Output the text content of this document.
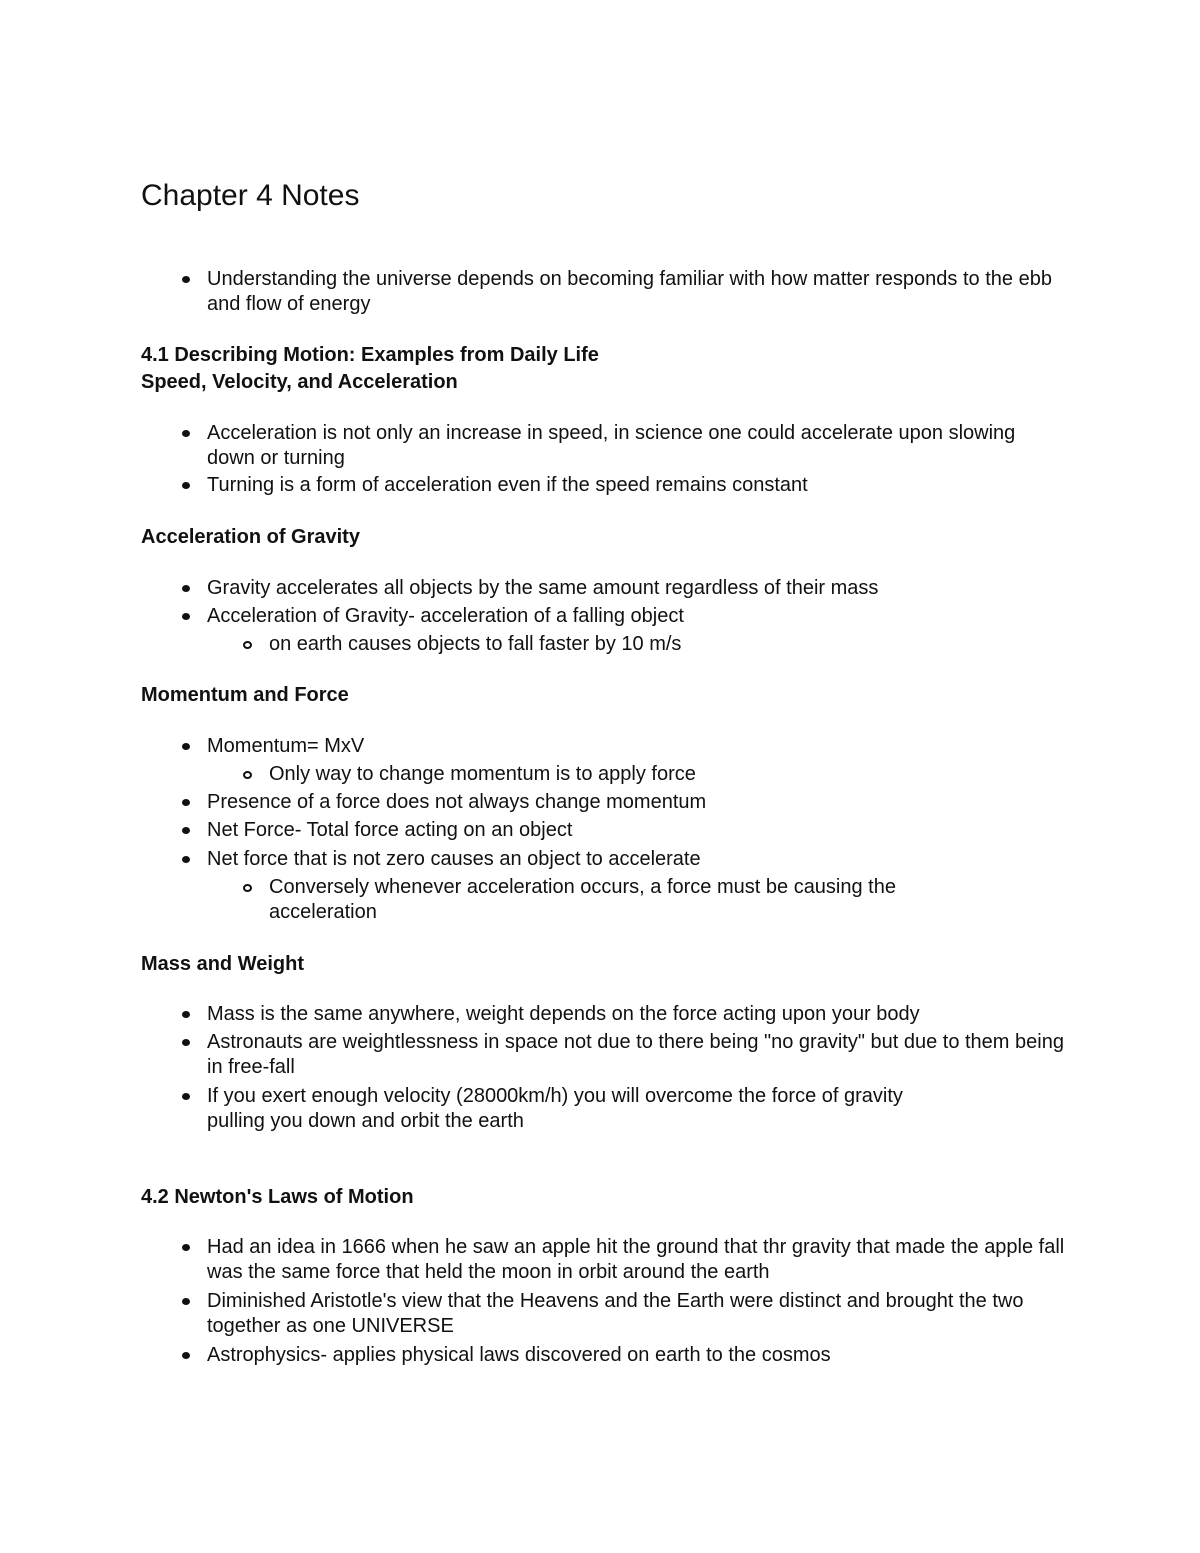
Chapter 4 Notes

Understanding the universe depends on becoming familiar with how matter responds to the ebb and flow of energy

4.1 Describing Motion: Examples from Daily Life
Speed, Velocity, and Acceleration

Acceleration is not only an increase in speed, in science one could accelerate upon slowing down or turning

Turning is a form of acceleration even if the speed remains constant

Acceleration of Gravity

Gravity accelerates all objects by the same amount regardless of their mass

Acceleration of Gravity- acceleration of a falling object

on earth causes objects to fall faster by 10 m/s

Momentum and Force

Momentum= MxV

Only way to change momentum is to apply force

Presence of a force does not always change momentum

Net Force- Total force acting on an object

Net force that is not zero causes an object to accelerate

Conversely whenever acceleration occurs, a force must be causing the acceleration

Mass and Weight

Mass is the same anywhere, weight depends on the force acting upon your body

Astronauts are weightlessness in space not due to there being "no gravity" but due to them being in free-fall

If you exert enough velocity (28000km/h) you will overcome the force of gravity pulling you down and orbit the earth

4.2 Newton's Laws of Motion

Had an idea in 1666 when he saw an apple hit the ground that thr gravity that made the apple fall was the same force that held the moon in orbit around the earth

Diminished Aristotle's view that the Heavens and the Earth were distinct and brought the two together as one UNIVERSE

Astrophysics- applies physical laws discovered on earth to the cosmos
